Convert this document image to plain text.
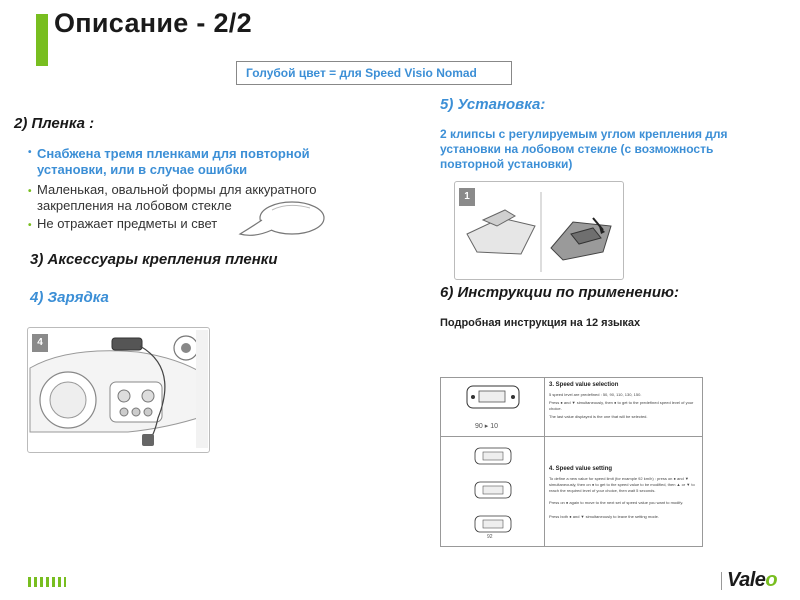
Описание - 2/2
Голубой цвет = для Speed Visio Nomad
2) Пленка :
• Снабжена тремя пленками для повторной установки, или в случае ошибки
• Маленькая, овальной формы для аккуратного закрепления на лобовом стекле
• Не отражает предметы и свет
3) Аксессуары крепления пленки
4) Зарядка
4
5) Установка:
2 клипсы с регулируемым углом крепления для установки на лобовом стекле (с возможность повторной установки)
1
6) Инструкции по применению:
Подробная инструкция на 12 языках
90 ▸ 10
92
3. Speed value selection
5 speed level are predefined : 50, 90, 110, 130, 150.
Press ● and ▼ simultaneously, then ● to get to the predefined speed level of your choice.
The last value displayed is the one that will be selected.
4. Speed value setting
To define a new value for speed limit (for example 92 km/h) : press on ● and ▼ simultaneously, then on ● to get to the speed value to be modified, then ▲ or ▼ to reach the required level of your choice, then wait 5 seconds.
Press on ● again to move to the next set of speed value you want to modify.
Press both ● and ▼ simultaneously to leave the setting mode.
Valeo
